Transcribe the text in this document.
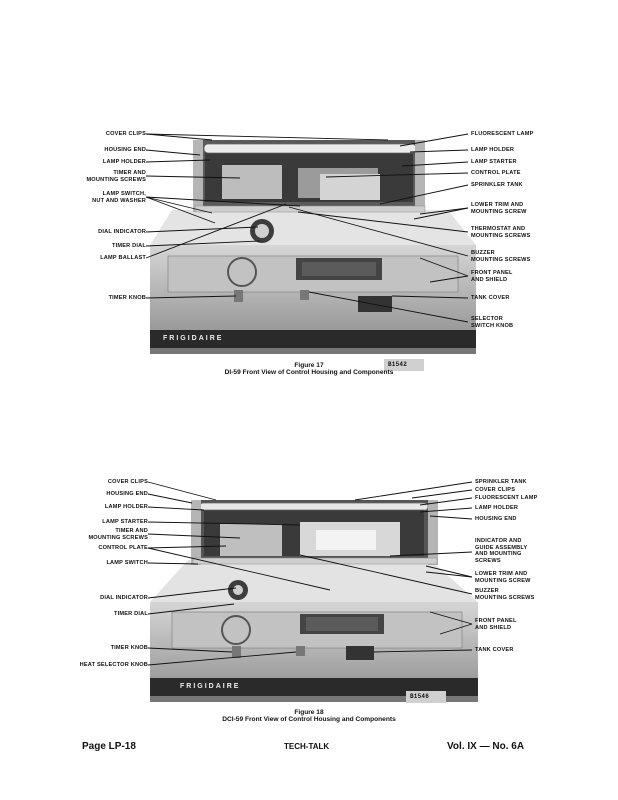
COVER CLIPS
HOUSING END
LAMP HOLDER
TIMER AND
MOUNTING SCREWS
LAMP SWITCH,
NUT AND WASHER
DIAL INDICATOR
TIMER DIAL
LAMP BALLAST
TIMER KNOB
FLUORESCENT LAMP
LAMP HOLDER
LAMP STARTER
CONTROL PLATE
SPRINKLER TANK
LOWER TRIM AND
MOUNTING SCREW
THERMOSTAT AND
MOUNTING SCREWS
BUZZER
MOUNTING SCREWS
FRONT PANEL
AND SHIELD
TANK COVER
SELECTOR
SWITCH KNOB
FRIGIDAIRE
B1542
Figure 17
DI-59 Front View of Control Housing and Components
COVER CLIPS
HOUSING END
LAMP HOLDER
LAMP STARTER
TIMER AND
MOUNTING SCREWS
CONTROL PLATE
LAMP SWITCH
DIAL INDICATOR
TIMER DIAL
TIMER KNOB
HEAT SELECTOR KNOB
SPRINKLER TANK
COVER CLIPS
FLUORESCENT LAMP
LAMP HOLDER
HOUSING END
INDICATOR AND
GUIDE ASSEMBLY
AND MOUNTING
SCREWS
LOWER TRIM AND
MOUNTING SCREW
BUZZER
MOUNTING SCREWS
FRONT PANEL
AND SHIELD
TANK COVER
FRIGIDAIRE
B1546
Figure 18
DCI-59 Front View of Control Housing and Components
Page LP-18	TECH-TALK	Vol. IX — No. 6A
